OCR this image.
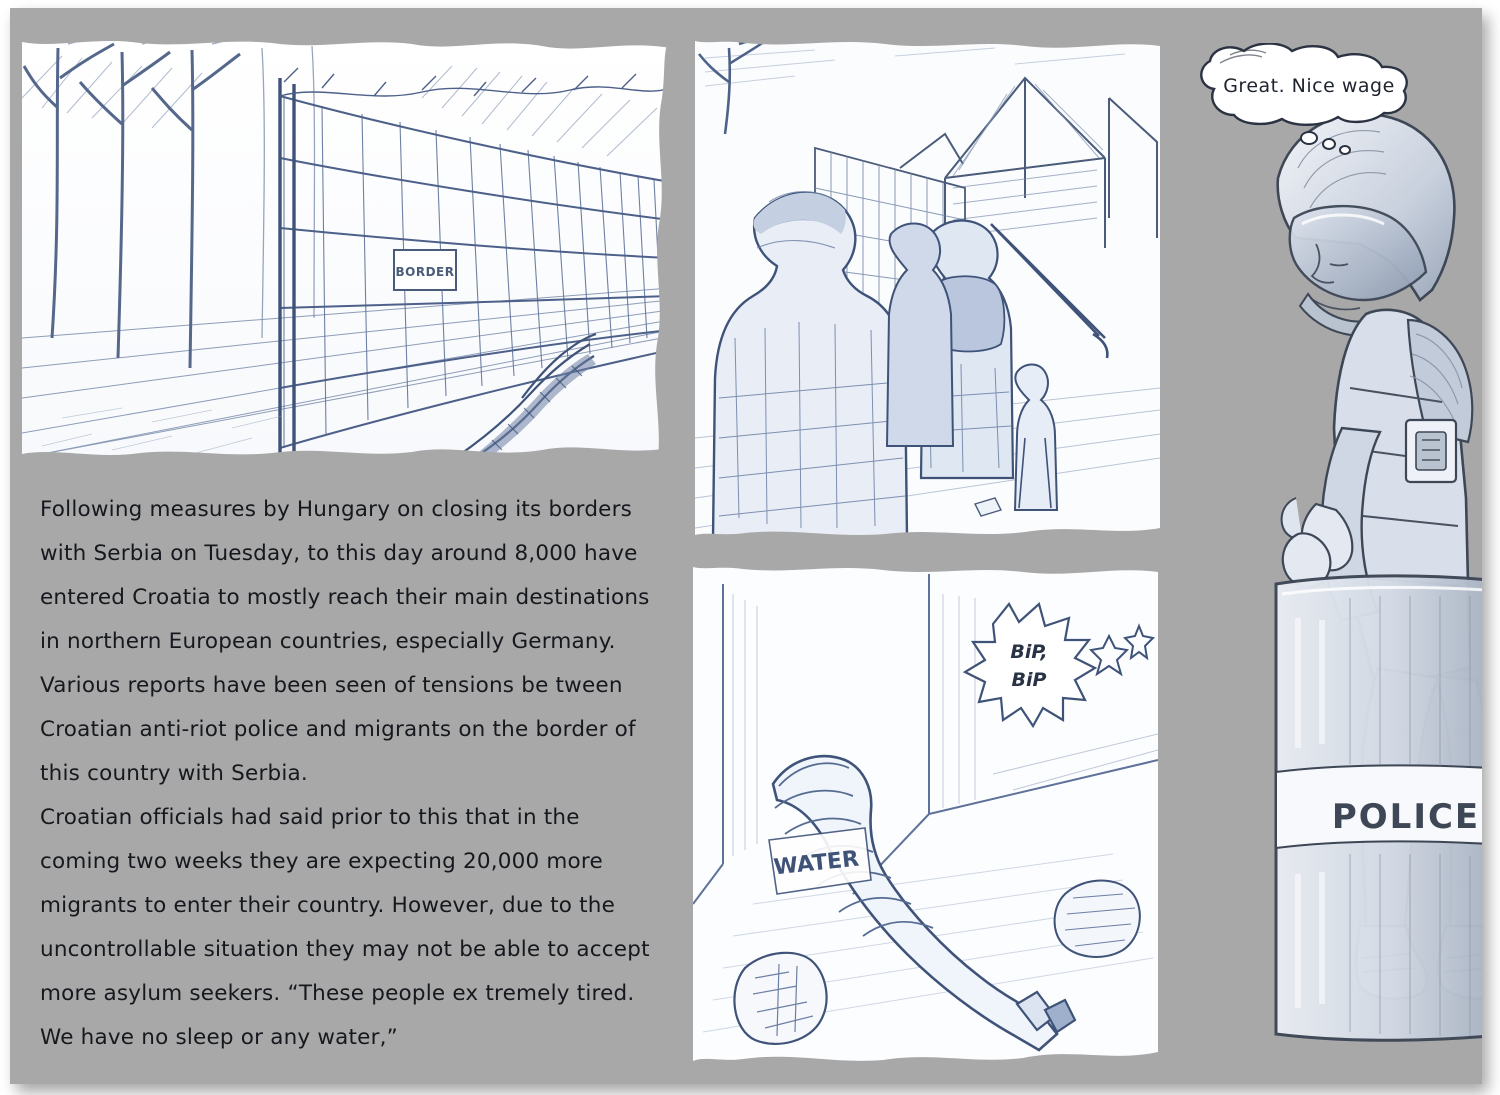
BORDER
WATER
BiP,
BiP

Following measures by Hungary on closing its borders with Serbia on Tuesday, to this day around 8,000 have entered Croatia to mostly reach their main destinations in northern European countries, especially Germany. Various reports have been seen of tensions be tween Croatian anti-riot police and migrants on the border of this country with Serbia.

Croatian officials had said prior to this that in the coming two weeks they are expecting 20,000 more migrants to enter their country. However, due to the uncontrollable situation they may not be able to accept more asylum seekers. “These people ex tremely tired. We have no sleep or any water,”

POLICE
Great. Nice wage
